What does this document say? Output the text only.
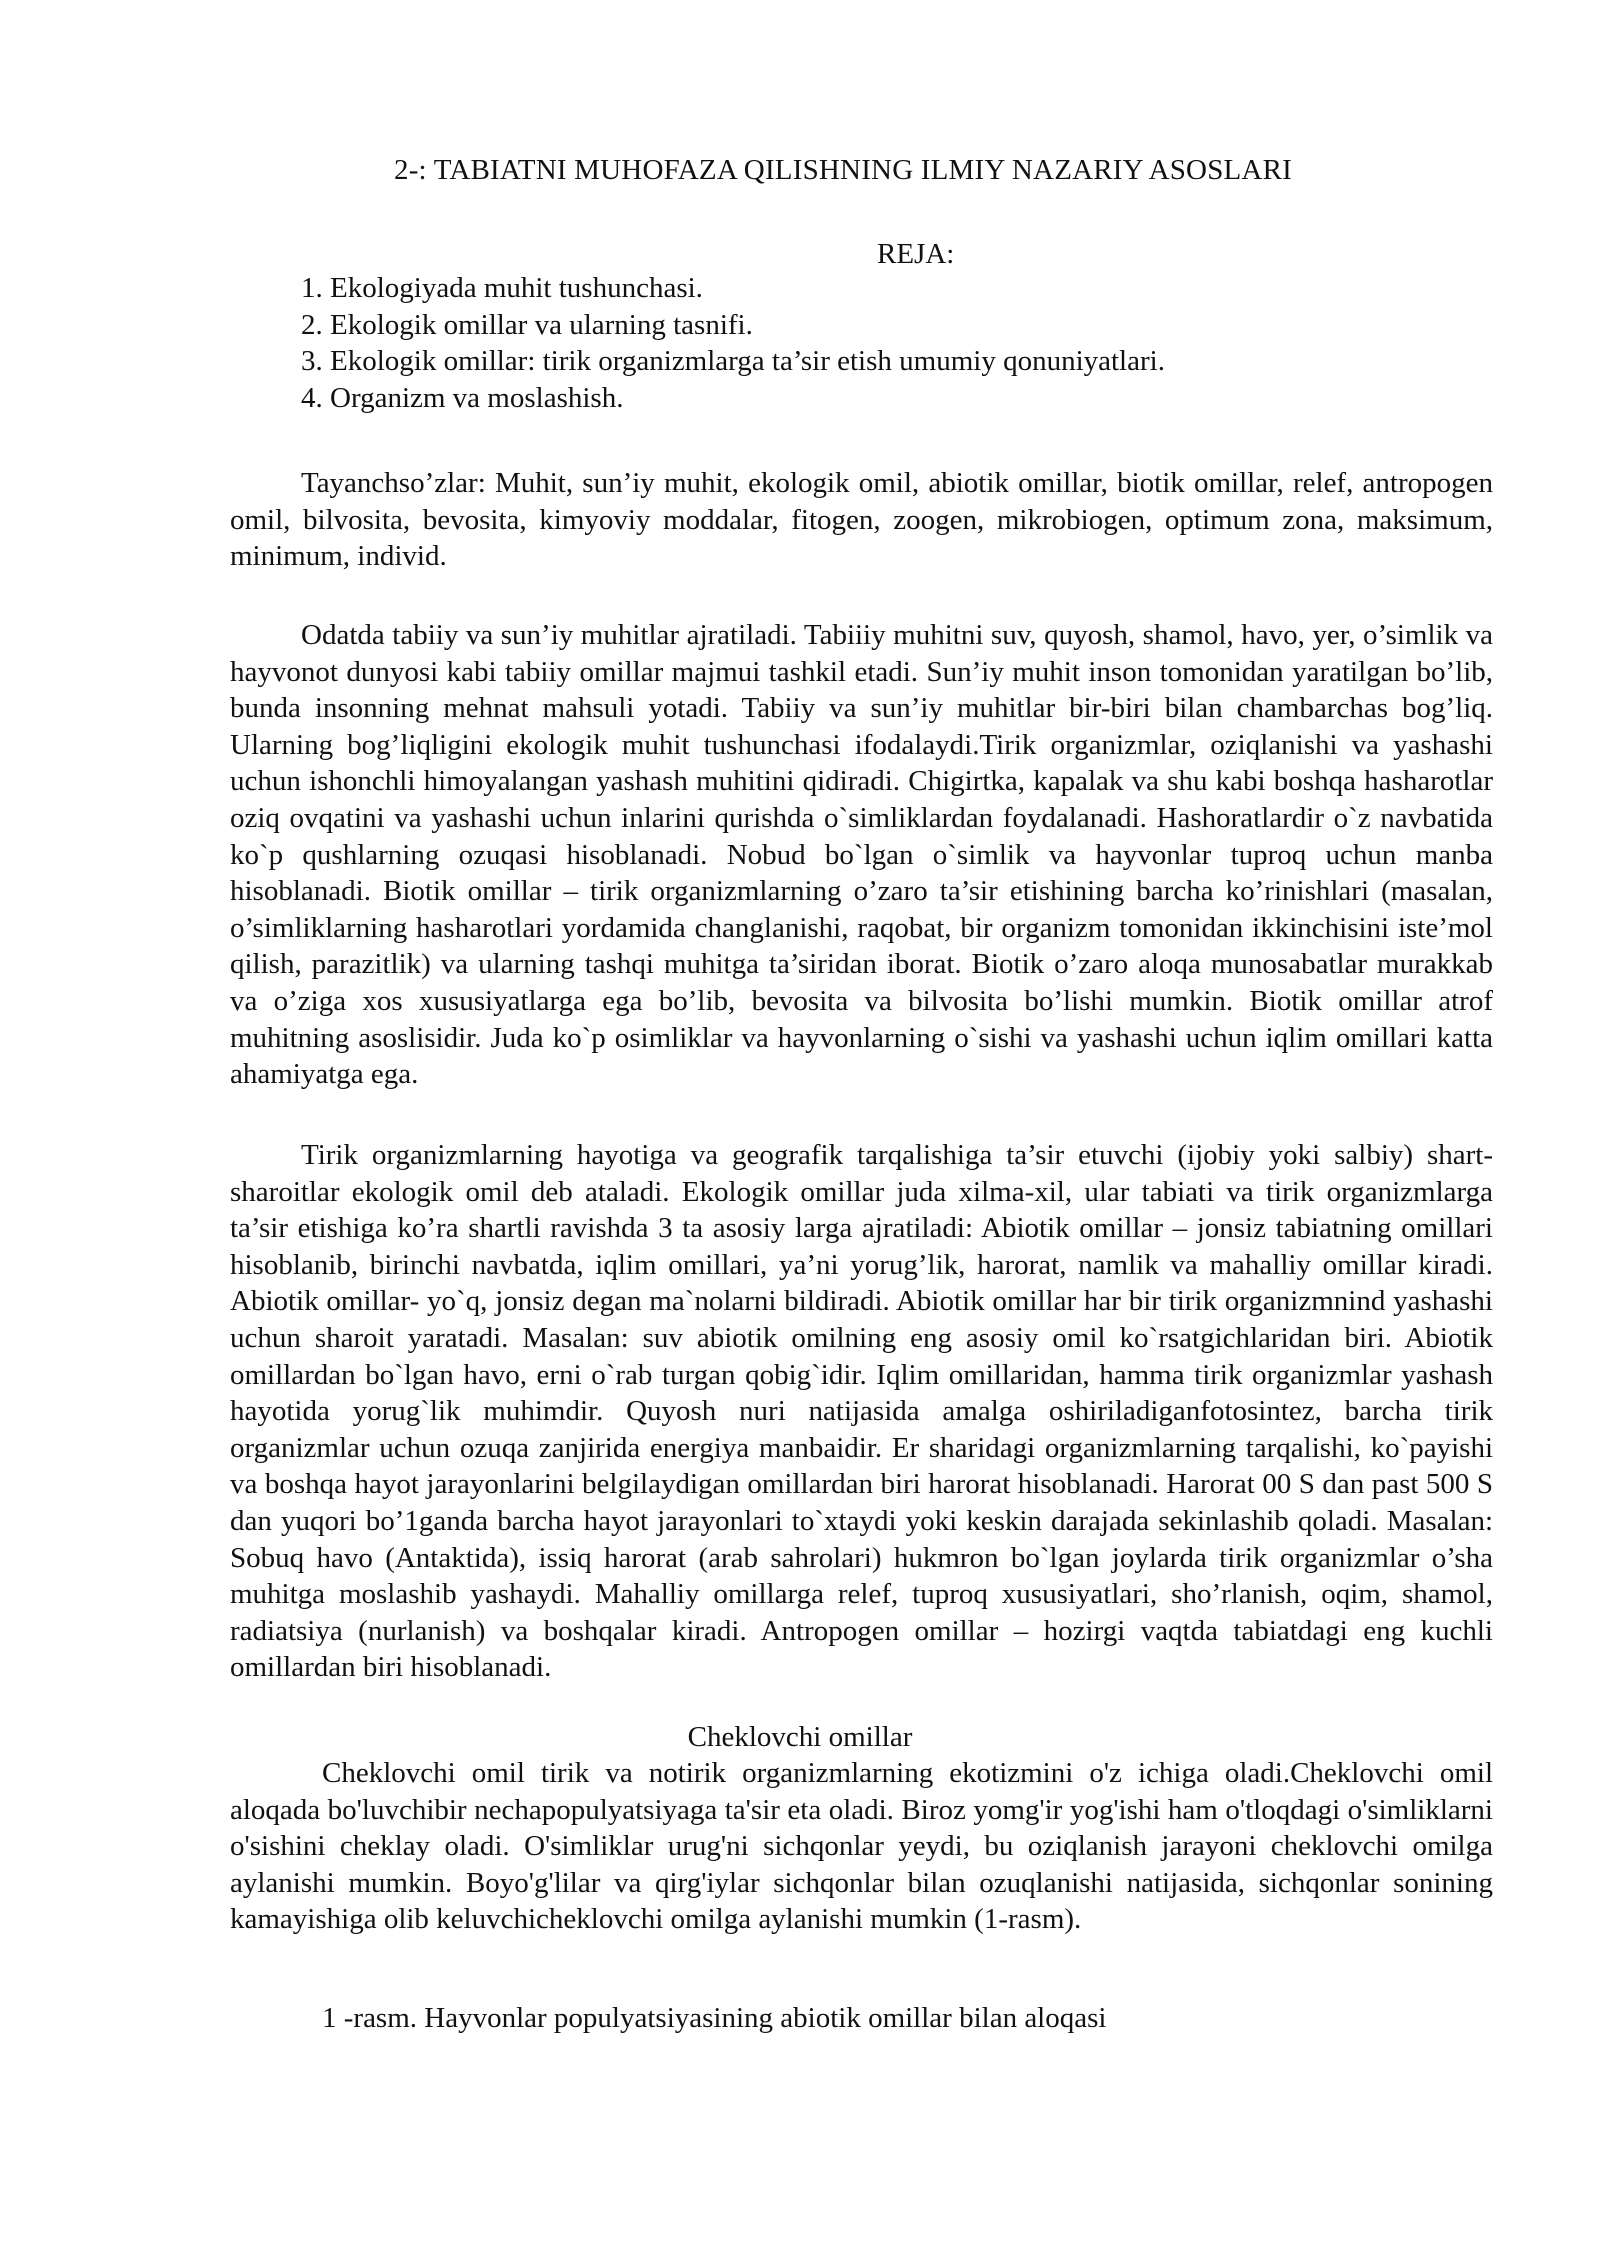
2-: TABIATNI MUHOFAZA QILISHNING ILMIY NAZARIY ASOSLARI
REJA:
1. Ekologiyada muhit tushunchasi.
2. Ekologik omillar va ularning tasnifi.
3. Ekologik omillar: tirik organizmlarga ta’sir etish umumiy qonuniyatlari.
4. Organizm va moslashish.

Tayanchso’zlar: Muhit, sun’iy muhit, ekologik omil, abiotik omillar, biotik omillar, relef, antropogen omil, bilvosita, bevosita, kimyoviy moddalar, fitogen, zoogen, mikrobiogen, optimum zona, maksimum, minimum, individ.

Odatda tabiiy va sun’iy muhitlar ajratiladi. Tabiiiy muhitni suv, quyosh, shamol, havo, yer, o’simlik va hayvonot dunyosi kabi tabiiy omillar majmui tashkil etadi. Sun’iy muhit inson tomonidan yaratilgan bo’lib, bunda insonning mehnat mahsuli yotadi. Tabiiy va sun’iy muhitlar bir-biri bilan chambarchas bog’liq. Ularning bog’liqligini ekologik muhit tushunchasi ifodalaydi.Tirik organizmlar, oziqlanishi va yashashi uchun ishonchli himoyalangan yashash muhitini qidiradi. Chigirtka, kapalak va shu kabi boshqa hasharotlar oziq ovqatini va yashashi uchun inlarini qurishda o`simliklardan foydalanadi. Hashoratlardir o`z navbatida ko`p qushlarning ozuqasi hisoblanadi. Nobud bo`lgan o`simlik va hayvonlar tuproq uchun manba hisoblanadi. Biotik omillar – tirik organizmlarning o’zaro ta’sir etishining barcha ko’rinishlari (masalan, o’simliklarning hasharotlari yordamida changlanishi, raqobat, bir organizm tomonidan ikkinchisini iste’mol qilish, parazitlik) va ularning tashqi muhitga ta’siridan iborat. Biotik o’zaro aloqa munosabatlar murakkab va o’ziga xos xususiyatlarga ega bo’lib, bevosita va bilvosita bo’lishi mumkin. Biotik omillar atrof muhitning asoslisidir. Juda ko`p osimliklar va hayvonlarning o`sishi va yashashi uchun iqlim omillari katta ahamiyatga ega.

Tirik organizmlarning hayotiga va geografik tarqalishiga ta’sir etuvchi (ijobiy yoki salbiy) shart-sharoitlar ekologik omil deb ataladi. Ekologik omillar juda xilma-xil, ular tabiati va tirik organizmlarga ta’sir etishiga ko’ra shartli ravishda 3 ta asosiy larga ajratiladi: Abiotik omillar – jonsiz tabiatning omillari hisoblanib, birinchi navbatda, iqlim omillari, ya’ni yorug’lik, harorat, namlik va mahalliy omillar kiradi. Abiotik omillar- yo`q, jonsiz degan ma`nolarni bildiradi. Abiotik omillar har bir tirik organizmnind yashashi uchun sharoit yaratadi. Masalan: suv abiotik omilning eng asosiy omil ko`rsatgichlaridan biri. Abiotik omillardan bo`lgan havo, erni o`rab turgan qobig`idir. Iqlim omillaridan, hamma tirik organizmlar yashash hayotida yorug`lik muhimdir. Quyosh nuri natijasida amalga oshiriladiganfotosintez, barcha tirik organizmlar uchun ozuqa zanjirida energiya manbaidir. Er sharidagi organizmlarning tarqalishi, ko`payishi va boshqa hayot jarayonlarini belgilaydigan omillardan biri harorat hisoblanadi. Harorat 00 S dan past 500 S dan yuqori bo’1ganda barcha hayot jarayonlari to`xtaydi yoki keskin darajada sekinlashib qoladi. Masalan: Sobuq havo (Antaktida), issiq harorat (arab sahrolari) hukmron bo`lgan joylarda tirik organizmlar o’sha muhitga moslashib yashaydi. Mahalliy omillarga relef, tuproq xususiyatlari, sho’rlanish, oqim, shamol, radiatsiya (nurlanish) va boshqalar kiradi. Antropogen omillar – hozirgi vaqtda tabiatdagi eng kuchli omillardan biri hisoblanadi.

Cheklovchi omillar

Cheklovchi omil tirik va notirik organizmlarning ekotizmini o'z ichiga oladi.Cheklovchi omil aloqada bo'luvchibir nechapopulyatsiyaga ta'sir eta oladi. Biroz yomg'ir yog'ishi ham o'tloqdagi o'simliklarni o'sishini cheklay oladi. O'simliklar urug'ni sichqonlar yeydi, bu oziqlanish jarayoni cheklovchi omilga aylanishi mumkin. Boyo'g'lilar va qirg'iylar sichqonlar bilan ozuqlanishi natijasida, sichqonlar sonining kamayishiga olib keluvchicheklovchi omilga aylanishi mumkin (1-rasm).

1 -rasm. Hayvonlar populyatsiyasining abiotik omillar bilan aloqasi
